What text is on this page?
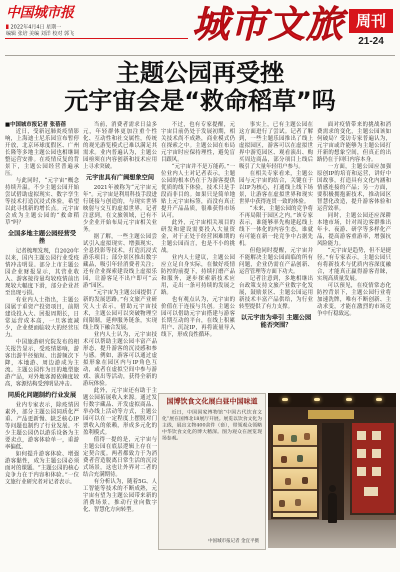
中国城市报
2022年4月4日 星期一
编辑 张培 美编 刘洋 校对 郭飞	城市文旅 周刊
21-24
主题公园再受挫
元宇宙会是“救命稻草”吗

■中国城市报记者 张蓓蓓

近日，受新冠肺炎疫情影响，上海迪士尼乐园宣布暂停开放，北京环球度假区、广州长隆等多地主题公园也相继调整运营安排。在疫情反复的背景下，主题公园经营普遍承压。

与此同时，“元宇宙”概念持续升温。不少主题公园开始尝试借助虚拟现实、数字孪生等技术打造沉浸式体验，希望以此寻找新的增长点。元宇宙会成为主题公园的“救命稻草”吗？

全国多地主题公园经营受挫

记者梳理发现，自2020年以来，国内主题公园行业受疫情冲击明显。部分上市主题公园企业财报显示，其营业收入、游客接待量均较疫情前出现较大幅度下滑，部分企业甚至出现亏损。

有业内人士指出，主题公园属于重资产投资项目，前期建设投入大、回报周期长，日常运营成本高，一旦客流减少，企业便面临较大的经营压力。

中国旅游研究院发布的相关报告显示，受疫情影响，游客出游半径缩短、出游频次下降，本地游、周边游成为主流。主题公园作为目的地型旅游产品，对外地客源依赖度较高，客源结构受到明显冲击。

同质化问题制约行业发展

业内专家表示，除疫情因素外，部分主题公园同质化严重、产品更新慢、缺乏核心IP等问题也制约了行业发展。不少主题公园仍以游乐设备为主要卖点，游客体验单一，重游率偏低。

如何提升游客体验、增强游客黏性，成为主题公园必须面对的课题。“主题公园的核心竞争力在于内容和体验。”一位文旅行业研究者对记者表示。

当前，消费者需求日益多元，年轻群体更加注重个性化、互动性和社交属性，传统的观光游览模式已难以满足其需求。业内普遍认为，主题公园亟须在内容创新和技术应用上寻求突破。

元宇宙具有广阔想象空间

2021年被称为“元宇宙元年”。元宇宙是利用科技手段进行链接与创造的，与现实世界映射与交互的虚拟世界。记者注意到，在文旅领域，已有不少企业开始布局元宇宙相关业务。

据了解，一些主题公园尝试引入虚拟现实、增强现实、全息投影等技术，打造沉浸式游乐项目；部分景区推出数字藏品，吸引年轻消费者关注；还有企业探索建设线上虚拟乐园，让游客足不出户即可“云游”园区。

“元宇宙为主题公园提供了新的发展思路。”有文旅产业研究人士表示，借助元宇宙技术，主题公园可以突破物理空间限制，延伸服务链条，实现线上线下融合发展。

业内人士认为，元宇宙技术可以帮助主题公园丰富产品形态，提升游客的沉浸感和参与感。例如，游客可以通过虚拟形象在园区内与IP角色互动，或者在虚拟空间中参与游戏、演出等活动，获得全新的游玩体验。

此外，元宇宙还有助于主题公园拓展收入来源。通过发行数字藏品、开发虚拟商品、举办线上活动等方式，主题公园可以在一定程度上摆脱对门票收入的依赖，形成多元化的盈利模式。

值得一提的是，元宇宙与主题公园在底层逻辑上存在一定契合度。两者都致力于为消费者营造脱离日常生活的沉浸式场景，这也让外界对二者的结合充满期待。

有分析认为，随着5G、人工智能等技术的不断成熟，元宇宙有望为主题公园带来新的消费场景，推动行业向数字化、智慧化方向转型。

不过，也有专家提醒，元宇宙目前仍处于发展初期，相关技术尚不成熟，商业模式仍在探索之中。主题公园在布局元宇宙时应保持理性，避免盲目跟风。

“元宇宙并不是万能药。”一位业内人士对记者表示，主题公园的根本仍在于为游客提供优质的线下体验，技术只是手段而非目的。如果只是简单地贴上元宇宙标签，而没有真正提升产品品质，很难获得市场认可。

此外，元宇宙相关项目的研发和建设需要投入大量资金，对于正处于经营困难期的主题公园而言，也是不小的挑战。

业内人士建议，主题公园应立足自身实际，在做好疫情防控的前提下，持续打磨产品和服务，逐步探索新技术应用，走出一条可持续的发展之路。

也有观点认为，元宇宙的价值在于连接与共创。主题公园可以借助元宇宙搭建与游客长期互动的平台，在线上积累用户、沉淀IP，再将流量导入线下，形成良性循环。

事实上，已有主题公园在这方面进行了尝试。记者了解到，一些主题乐园推出了线上虚拟园区，游客可以在虚拟世界中游览园区、观看演出、购买周边商品，部分项目上线后吸引了大量年轻用户参与。

在相关专家看来，主题公园与元宇宙的结合，关键在于以IP为核心，打通线上线下场景，让游客在虚拟世界和现实世界中获得连贯一致的体验。

“未来，主题公园的竞争将不再局限于园区之内。”该专家表示，谁能够率先构建起线上线下一体化的内容生态，谁就有可能在新一轮竞争中占据先机。

但他同时提醒，元宇宙并不能解决主题公园面临的所有问题，企业仍需在产品创新、运营管理等方面下功夫。

记者注意到，多地相继出台政策支持文旅产业数字化发展，鼓励景区、主题公园运用新技术丰富产品供给，为行业转型提供了有力支撑。

以元宇宙为牵引 主题公园能否突围？

面对疫情带来的挑战和消费需求的变化，主题公园该如何破局？受访专家普遍认为，元宇宙或许能够为主题公园打开新的想象空间，但真正的出路仍在于回归内容本身。

一方面，主题公园应加强原创IP的培育和运营，讲好中国故事，打造具有文化内涵和情感连接的产品；另一方面，要积极拥抱新技术，推动园区智慧化改造，提升游客体验和运营效率。

同时，主题公园还应深耕本地市场，针对周边客群推出年卡、夜游、研学等多样化产品，提高游客重游率，增强抗风险能力。

“元宇宙是趋势，但不是捷径。”有专家表示，主题公园只有将新技术与优质内容深度融合，才能真正赢得游客青睐，实现高质量发展。

可以预见，在疫情常态化防控背景下，主题公园行业将加速洗牌，唯有不断创新、主动求变，才能在激烈的市场竞争中行稳致远。

国博饮食文化展白昼中国味道

近日，中国国家博物馆“中国古代饮食文化”展在国博北18展厅开展。展览以饮食文化为主线，展出文物400余件（套），带领观众领略中华饮食文化的博大精深。图为观众在展览现场参观。

中国城市报记者 金宜平摄
